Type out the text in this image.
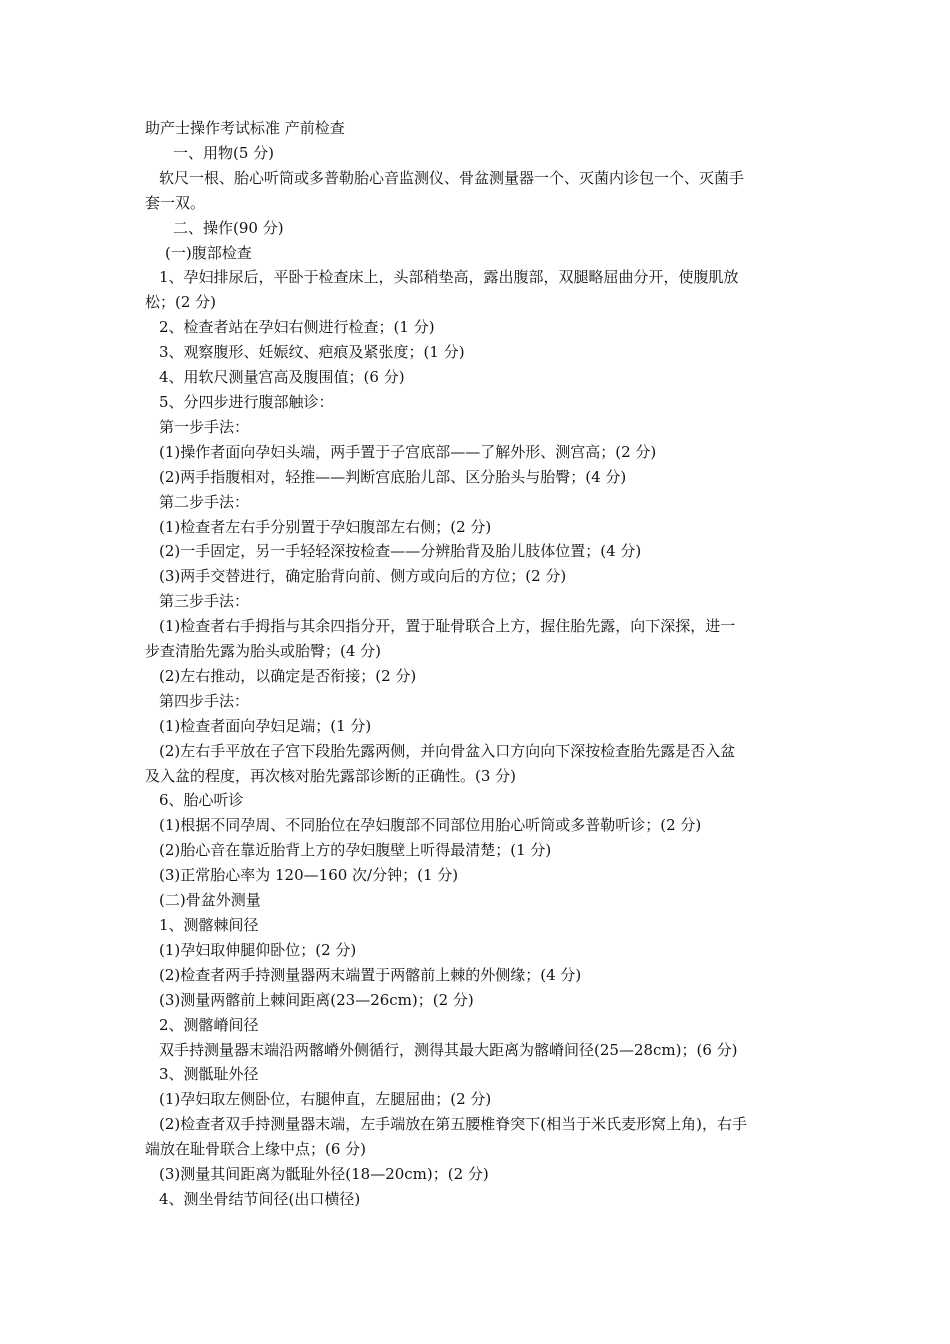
助产士操作考试标准 产前检查
一、用物(5 分)
软尺一根、胎心听筒或多普勒胎心音监测仪、骨盆测量器一个、灭菌内诊包一个、灭菌手
套一双。
二、操作(90 分)
(一)腹部检查
1、孕妇排尿后，平卧于检查床上，头部稍垫高，露出腹部，双腿略屈曲分开，使腹肌放
松；(2 分)
2、检查者站在孕妇右侧进行检查；(1 分)
3、观察腹形、妊娠纹、疤痕及紧张度；(1 分)
4、用软尺测量宫高及腹围值；(6 分)
5、分四步进行腹部触诊：
第一步手法：
(1)操作者面向孕妇头端，两手置于子宫底部——了解外形、测宫高；(2 分)
(2)两手指腹相对，轻推——判断宫底胎儿部、区分胎头与胎臀；(4 分)
第二步手法：
(1)检查者左右手分别置于孕妇腹部左右侧；(2 分)
(2)一手固定，另一手轻轻深按检查——分辨胎背及胎儿肢体位置；(4 分)
(3)两手交替进行，确定胎背向前、侧方或向后的方位；(2 分)
第三步手法：
(1)检查者右手拇指与其余四指分开，置于耻骨联合上方，握住胎先露，向下深探，进一
步查清胎先露为胎头或胎臀；(4 分)
(2)左右推动，以确定是否衔接；(2 分)
第四步手法：
(1)检查者面向孕妇足端；(1 分)
(2)左右手平放在子宫下段胎先露两侧，并向骨盆入口方向向下深按检查胎先露是否入盆
及入盆的程度，再次核对胎先露部诊断的正确性。(3 分)
6、胎心听诊
(1)根据不同孕周、不同胎位在孕妇腹部不同部位用胎心听筒或多普勒听诊；(2 分)
(2)胎心音在靠近胎背上方的孕妇腹壁上听得最清楚；(1 分)
(3)正常胎心率为 120—160 次/分钟；(1 分)
(二)骨盆外测量
1、测髂棘间径
(1)孕妇取伸腿仰卧位；(2 分)
(2)检查者两手持测量器两末端置于两髂前上棘的外侧缘；(4 分)
(3)测量两髂前上棘间距离(23—26cm)；(2 分)
2、测髂嵴间径
双手持测量器末端沿两髂嵴外侧循行，测得其最大距离为髂嵴间径(25—28cm)；(6 分)
3、测骶耻外径
(1)孕妇取左侧卧位，右腿伸直，左腿屈曲；(2 分)
(2)检查者双手持测量器末端，左手端放在第五腰椎脊突下(相当于米氏麦形窝上角)，右手
端放在耻骨联合上缘中点；(6 分)
(3)测量其间距离为骶耻外径(18—20cm)；(2 分)
4、测坐骨结节间径(出口横径)
